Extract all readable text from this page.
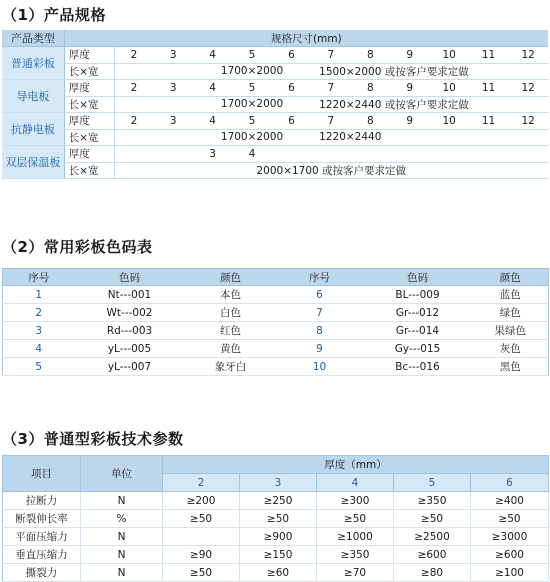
（1）产品规格
产品类型	规格尺寸(mm)											
普通彩板	厚度	2	3	4	5	6	7	8	9	10	11	12
	长×宽			1700×2000			1500×2000 或按客户要求定做					
导电板	厚度	2	3	4	5	6	7	8	9	10	11	12
	长×宽			1700×2000			1220×2440 或按客户要求定做					
抗静电板	厚度	2	3	4	5	6	7	8	9	10	11	12
	长×宽			1700×2000			1220×2440					
双层保温板	厚度			3	4							
	长×宽	2000×1700 或按客户要求定做										
（2）常用彩板色码表
序号	色码	颜色	序号	色码	颜色
1	Nt---001	本色	6	BL---009	蓝色
2	Wt---002	白色	7	Gr---012	绿色
3	Rd---003	红色	8	Gr---014	果绿色
4	yL---005	黄色	9	Gy---015	灰色
5	yL---007	象牙白	10	Bc---016	黑色
（3）普通型彩板技术参数
项目	单位	厚度（mm）				
		2	3	4	5	6
拉断力	N	≥200	≥250	≥300	≥350	≥400
断裂伸长率	%	≥50	≥50	≥50	≥50	≥50
平面压缩力	N		≥900	≥1000	≥2500	≥3000
垂直压缩力	N	≥90	≥150	≥350	≥600	≥600
撕裂力	N	≥50	≥60	≥70	≥80	≥100
